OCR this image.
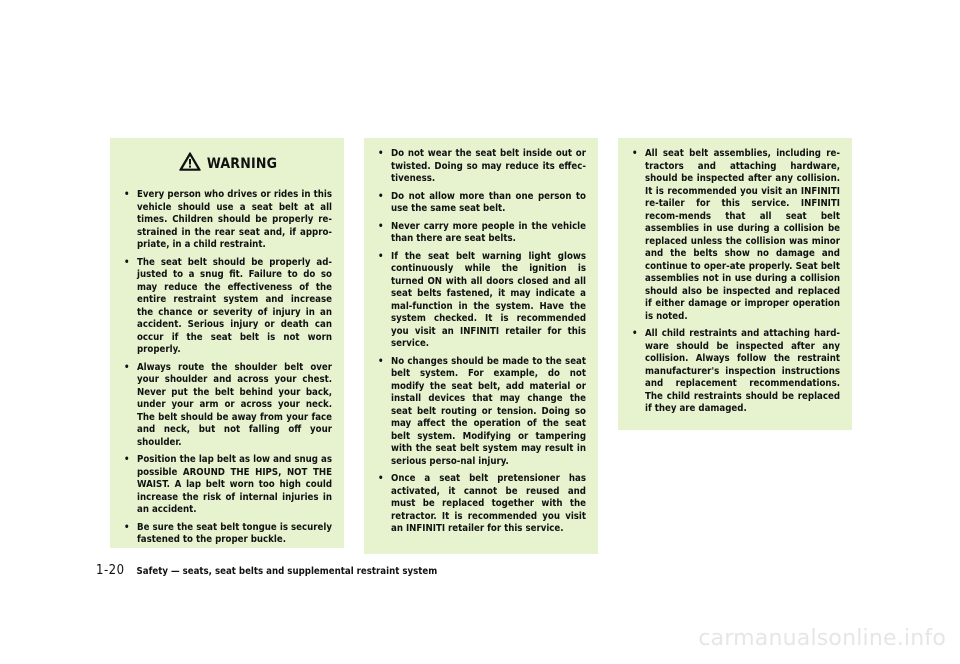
WARNING
• Every person who drives or rides in this vehicle should use a seat belt at all times. Children should be properly re-strained in the rear seat and, if appro-priate, in a child restraint.
• The seat belt should be properly ad-justed to a snug fit. Failure to do so may reduce the effectiveness of the entire restraint system and increase the chance or severity of injury in an accident. Serious injury or death can occur if the seat belt is not worn properly.
• Always route the shoulder belt over your shoulder and across your chest. Never put the belt behind your back, under your arm or across your neck. The belt should be away from your face and neck, but not falling off your shoulder.
• Position the lap belt as low and snug as possible AROUND THE HIPS, NOT THE WAIST. A lap belt worn too high could increase the risk of internal injuries in an accident.
• Be sure the seat belt tongue is securely fastened to the proper buckle.
• Do not wear the seat belt inside out or twisted. Doing so may reduce its effec-tiveness.
• Do not allow more than one person to use the same seat belt.
• Never carry more people in the vehicle than there are seat belts.
• If the seat belt warning light glows continuously while the ignition is turned ON with all doors closed and all seat belts fastened, it may indicate a mal-function in the system. Have the system checked. It is recommended you visit an INFINITI retailer for this service.
• No changes should be made to the seat belt system. For example, do not modify the seat belt, add material or install devices that may change the seat belt routing or tension. Doing so may affect the operation of the seat belt system. Modifying or tampering with the seat belt system may result in serious perso-nal injury.
• Once a seat belt pretensioner has activated, it cannot be reused and must be replaced together with the retractor. It is recommended you visit an INFINITI retailer for this service.
• All seat belt assemblies, including re-tractors and attaching hardware, should be inspected after any collision. It is recommended you visit an INFINITI re-tailer for this service. INFINITI recom-mends that all seat belt assemblies in use during a collision be replaced unless the collision was minor and the belts show no damage and continue to oper-ate properly. Seat belt assemblies not in use during a collision should also be inspected and replaced if either damage or improper operation is noted.
• All child restraints and attaching hard-ware should be inspected after any collision. Always follow the restraint manufacturer's inspection instructions and replacement recommendations. The child restraints should be replaced if they are damaged.
1-20 Safety — seats, seat belts and supplemental restraint system
carmanualsonline.info
